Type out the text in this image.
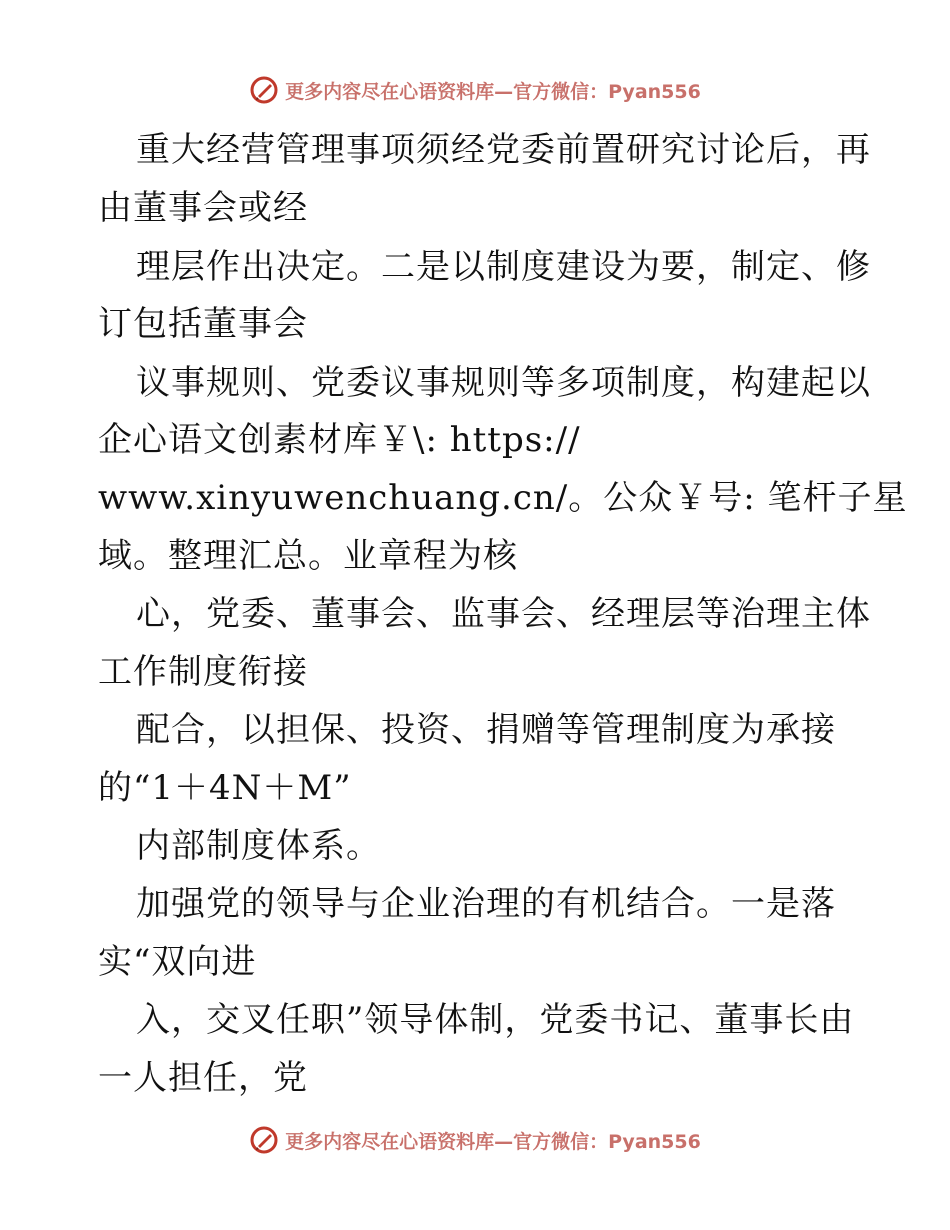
更多内容尽在心语资料库—官方微信：Pyan556
重大经营管理事项须经党委前置研究讨论后，再
由董事会或经
理层作出决定。二是以制度建设为要，制定、修
订包括董事会
议事规则、党委议事规则等多项制度，构建起以
企心语文创素材库￥\: https://
www.xinyuwenchuang.cn/。公众￥号: 笔杆子星
域。整理汇总。业章程为核
心，党委、董事会、监事会、经理层等治理主体
工作制度衔接
配合，以担保、投资、捐赠等管理制度为承接
的“1＋4N＋M”
内部制度体系。
加强党的领导与企业治理的有机结合。一是落
实“双向进
入，交叉任职”领导体制，党委书记、董事长由
一人担任，党
更多内容尽在心语资料库—官方微信：Pyan556
